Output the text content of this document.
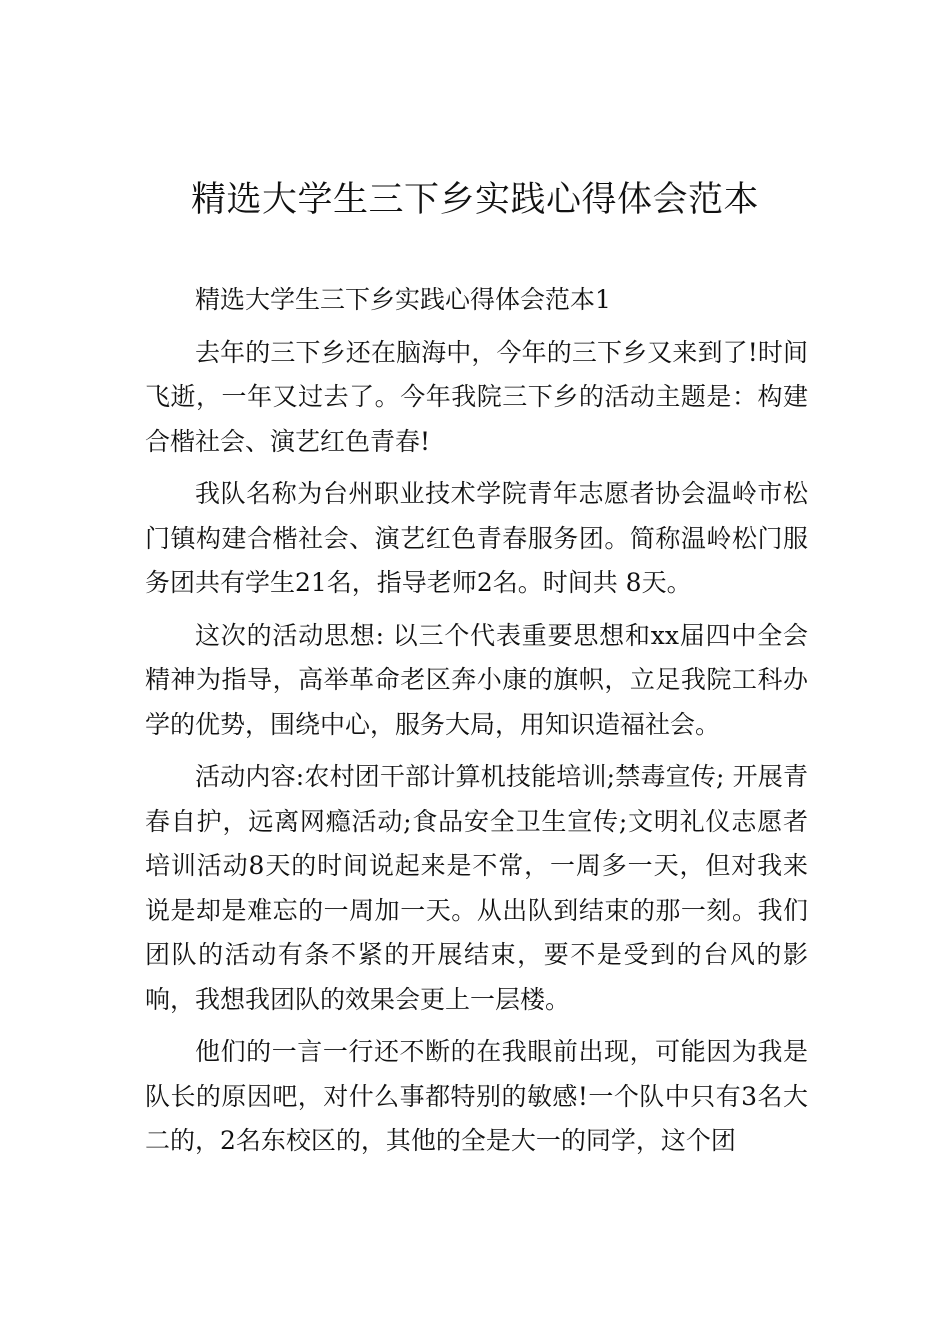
精选大学生三下乡实践心得体会范本

精选大学生三下乡实践心得体会范本1

去年的三下乡还在脑海中，今年的三下乡又来到了!时间飞逝，一年又过去了。今年我院三下乡的活动主题是：构建合楷社会、演艺红色青春!

我队名称为台州职业技术学院青年志愿者协会温岭市松门镇构建合楷社会、演艺红色青春服务团。简称温岭松门服务团共有学生21名，指导老师2名。时间共 8天。

这次的活动思想: 以三个代表重要思想和xx届四中全会精神为指导，高举革命老区奔小康的旗帜，立足我院工科办学的优势，围绕中心，服务大局，用知识造福社会。

活动内容:农村团干部计算机技能培训;禁毒宣传; 开展青春自护，远离网瘾活动;食品安全卫生宣传;文明礼仪志愿者培训活动8天的时间说起来是不常，一周多一天，但对我来说是却是难忘的一周加一天。从出队到结束的那一刻。我们团队的活动有条不紧的开展结束，要不是受到的台风的影响，我想我团队的效果会更上一层楼。

他们的一言一行还不断的在我眼前出现，可能因为我是队长的原因吧，对什么事都特别的敏感!一个队中只有3名大二的，2名东校区的，其他的全是大一的同学，这个团
